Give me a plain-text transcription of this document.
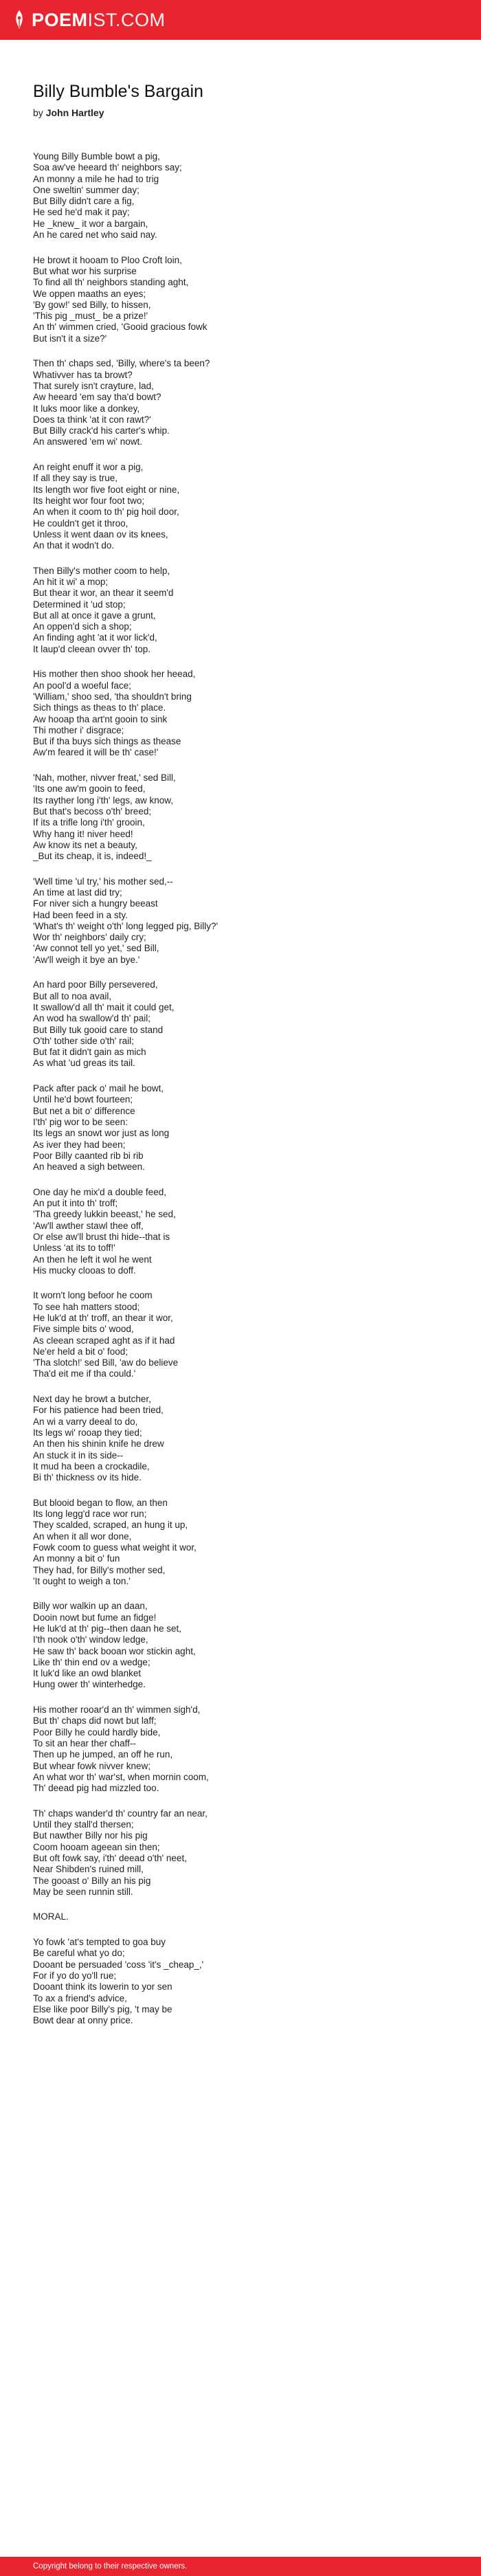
POEMIST.COM
Billy Bumble's Bargain
by John Hartley
Young Billy Bumble bowt a pig,
Soa aw've heeard th' neighbors say;
An monny a mile he had to trig
One sweltin' summer day;
But Billy didn't care a fig,
He sed he'd mak it pay;
He _knew_ it wor a bargain,
An he cared net who said nay.
He browt it hooam to Ploo Croft loin,
But what wor his surprise
To find all th' neighbors standing aght,
We oppen maaths an eyes;
'By gow!' sed Billy, to hissen,
'This pig _must_ be a prize!'
An th' wimmen cried, 'Gooid gracious fowk
But isn't it a size?'
Then th' chaps sed, 'Billy, where's ta been?
Whativver has ta browt?
That surely isn't crayture, lad,
Aw heeard 'em say tha'd bowt?
It luks moor like a donkey,
Does ta think 'at it con rawt?'
But Billy crack'd his carter's whip.
An answered 'em wi' nowt.
An reight enuff it wor a pig,
If all they say is true,
Its length wor five foot eight or nine,
Its height wor four foot two;
An when it coom to th' pig hoil door,
He couldn't get it throo,
Unless it went daan ov its knees,
An that it wodn't do.
Then Billy's mother coom to help,
An hit it wi' a mop;
But thear it wor, an thear it seem'd
Determined it 'ud stop;
But all at once it gave a grunt,
An oppen'd sich a shop;
An finding aght 'at it wor lick'd,
It laup'd cleean ovver th' top.
His mother then shoo shook her heead,
An pool'd a woeful face;
'William,' shoo sed, 'tha shouldn't bring
Sich things as theas to th' place.
Aw hooap tha art'nt gooin to sink
Thi mother i' disgrace;
But if tha buys sich things as thease
Aw'm feared it will be th' case!'
'Nah, mother, nivver freat,' sed Bill,
'Its one aw'm gooin to feed,
Its rayther long i'th' legs, aw know,
But that's becoss o'th' breed;
If its a trifle long i'th' grooin,
Why hang it! niver heed!
Aw know its net a beauty,
_But its cheap, it is, indeed!_
'Well time 'ul try,' his mother sed,--
An time at last did try;
For niver sich a hungry beeast
Had been feed in a sty.
'What's th' weight o'th' long legged pig, Billy?'
Wor th' neighbors' daily cry;
'Aw connot tell yo yet,' sed Bill,
'Aw'll weigh it bye an bye.'
An hard poor Billy persevered,
But all to noa avail,
It swallow'd all th' mait it could get,
An wod ha swallow'd th' pail;
But Billy tuk gooid care to stand
O'th' tother side o'th' rail;
But fat it didn't gain as mich
As what 'ud greas its tail.
Pack after pack o' mail he bowt,
Until he'd bowt fourteen;
But net a bit o' difference
I'th' pig wor to be seen:
Its legs an snowt wor just as long
As iver they had been;
Poor Billy caanted rib bi rib
An heaved a sigh between.
One day he mix'd a double feed,
An put it into th' troff;
'Tha greedy lukkin beeast,' he sed,
'Aw'll awther stawl thee off,
Or else aw'll brust thi hide--that is
Unless 'at its to toff!'
An then he left it wol he went
His mucky clooas to doff.
It worn't long befoor he coom
To see hah matters stood;
He luk'd at th' troff, an thear it wor,
Five simple bits o' wood,
As cleean scraped aght as if it had
Ne'er held a bit o' food;
'Tha slotch!' sed Bill, 'aw do believe
Tha'd eit me if tha could.'
Next day he browt a butcher,
For his patience had been tried,
An wi a varry deeal to do,
Its legs wi' rooap they tied;
An then his shinin knife he drew
An stuck it in its side--
It mud ha been a crockadile,
Bi th' thickness ov its hide.
But blooid began to flow, an then
Its long legg'd race wor run;
They scalded, scraped, an hung it up,
An when it all wor done,
Fowk coom to guess what weight it wor,
An monny a bit o' fun
They had, for Billy's mother sed,
'It ought to weigh a ton.'
Billy wor walkin up an daan,
Dooin nowt but fume an fidge!
He luk'd at th' pig--then daan he set,
I'th nook o'th' window ledge,
He saw th' back booan wor stickin aght,
Like th' thin end ov a wedge;
It luk'd like an owd blanket
Hung ower th' winterhedge.
His mother rooar'd an th' wimmen sigh'd,
But th' chaps did nowt but laff;
Poor Billy he could hardly bide,
To sit an hear ther chaff--
Then up he jumped, an off he run,
But whear fowk nivver knew;
An what wor th' war'st, when mornin coom,
Th' deead pig had mizzled too.
Th' chaps wander'd th' country far an near,
Until they stall'd thersen;
But nawther Billy nor his pig
Coom hooam ageean sin then;
But oft fowk say, i'th' deead o'th' neet,
Near Shibden's ruined mill,
The gooast o' Billy an his pig
May be seen runnin still.
MORAL.
Yo fowk 'at's tempted to goa buy
Be careful what yo do;
Dooant be persuaded 'coss 'it's _cheap_,'
For if yo do yo'll rue;
Dooant think its lowerin to yor sen
To ax a friend's advice,
Else like poor Billy's pig, 't may be
Bowt dear at onny price.
Copyright belong to their respective owners.
